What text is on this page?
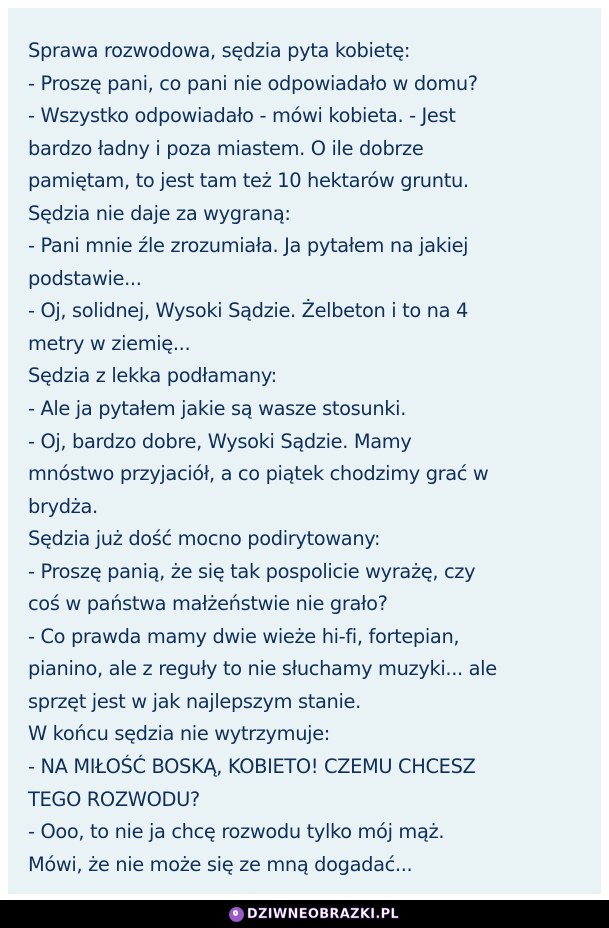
Sprawa rozwodowa, sędzia pyta kobietę:
- Proszę pani, co pani nie odpowiadało w domu?
- Wszystko odpowiadało - mówi kobieta. - Jest
bardzo ładny i poza miastem. O ile dobrze
pamiętam, to jest tam też 10 hektarów gruntu.
Sędzia nie daje za wygraną:
- Pani mnie źle zrozumiała. Ja pytałem na jakiej
podstawie...
- Oj, solidnej, Wysoki Sądzie. Żelbeton i to na 4
metry w ziemię...
Sędzia z lekka podłamany:
- Ale ja pytałem jakie są wasze stosunki.
- Oj, bardzo dobre, Wysoki Sądzie. Mamy
mnóstwo przyjaciół, a co piątek chodzimy grać w
brydża.
Sędzia już dość mocno podirytowany:
- Proszę panią, że się tak pospolicie wyrażę, czy
coś w państwa małżeństwie nie grało?
- Co prawda mamy dwie wieże hi-fi, fortepian,
pianino, ale z reguły to nie słuchamy muzyki... ale
sprzęt jest w jak najlepszym stanie.
W końcu sędzia nie wytrzymuje:
- NA MIŁOŚĆ BOSKĄ, KOBIETO! CZEMU CHCESZ
TEGO ROZWODU?
- Ooo, to nie ja chcę rozwodu tylko mój mąż.
Mówi, że nie może się ze mną dogadać...
DZIWNEOBRAZKI.PL
